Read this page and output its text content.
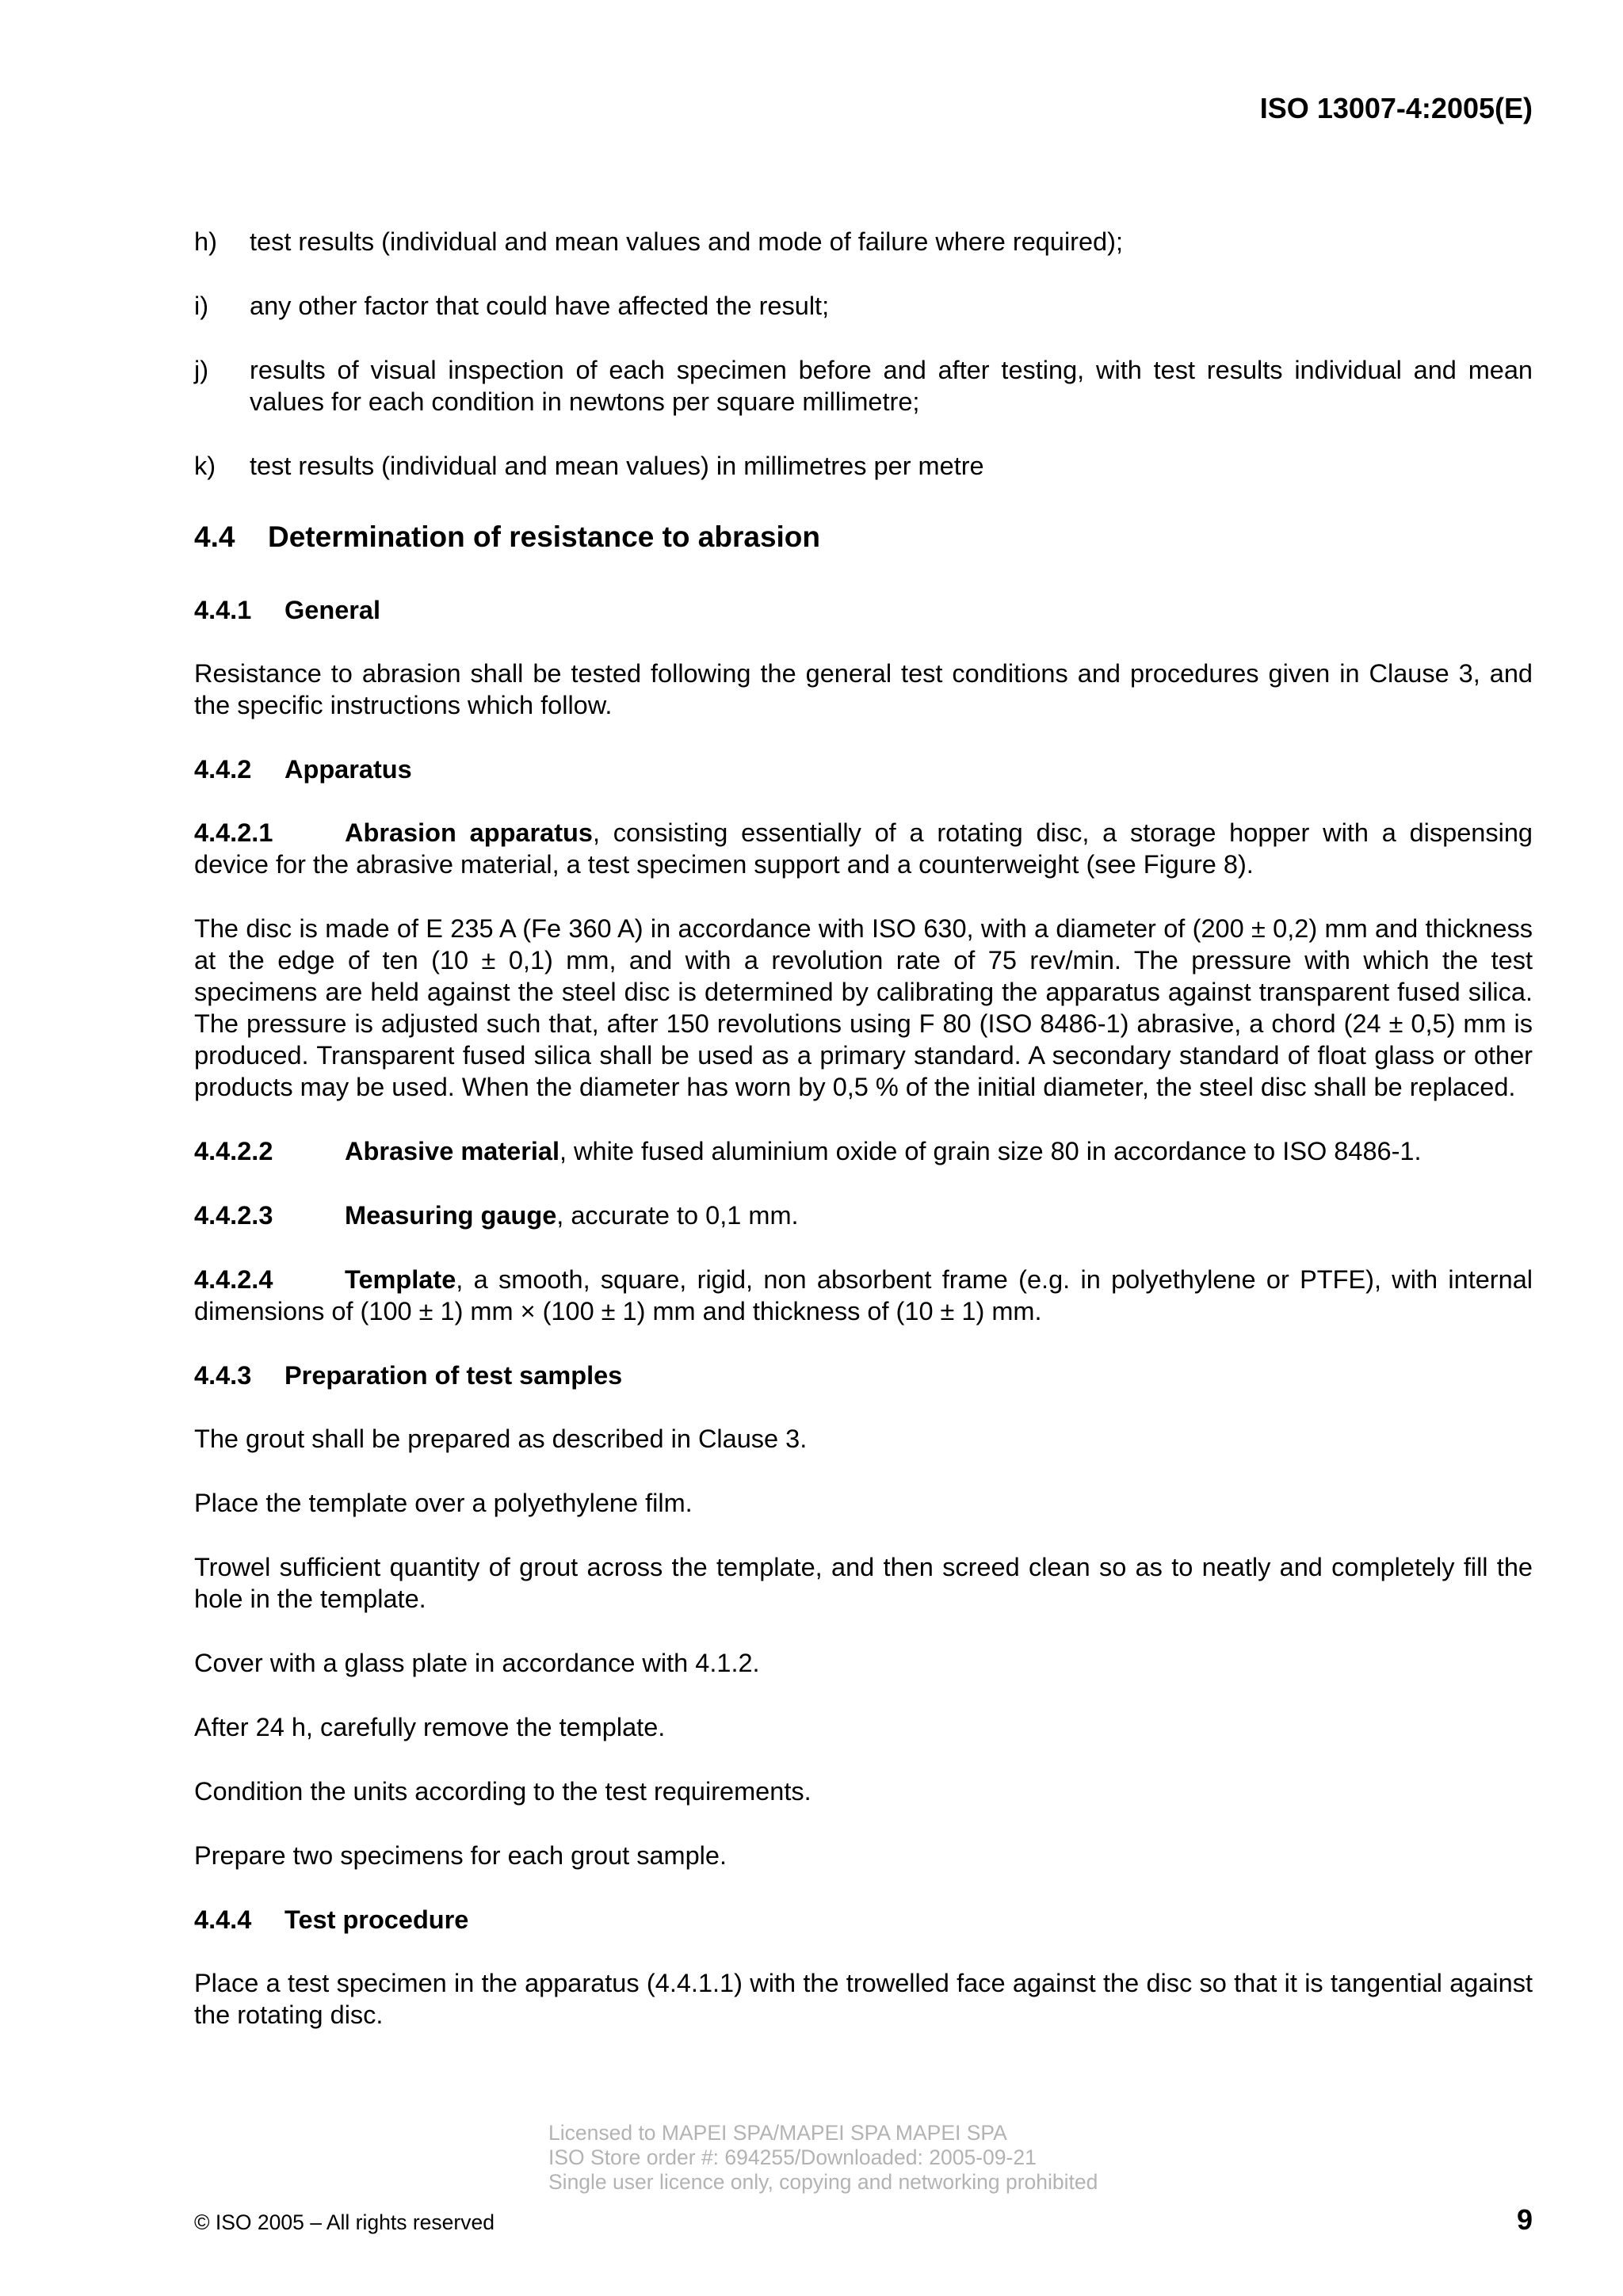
ISO 13007-4:2005(E)
h) test results (individual and mean values and mode of failure where required);
i) any other factor that could have affected the result;
j) results of visual inspection of each specimen before and after testing, with test results individual and mean values for each condition in newtons per square millimetre;
k) test results (individual and mean values) in millimetres per metre
4.4 Determination of resistance to abrasion
4.4.1 General

Resistance to abrasion shall be tested following the general test conditions and procedures given in Clause 3, and the specific instructions which follow.

4.4.2 Apparatus

4.4.2.1	Abrasion apparatus, consisting essentially of a rotating disc, a storage hopper with a dispensing device for the abrasive material, a test specimen support and a counterweight (see Figure 8).

The disc is made of E 235 A (Fe 360 A) in accordance with ISO 630, with a diameter of (200 ± 0,2) mm and thickness at the edge of ten (10 ± 0,1) mm, and with a revolution rate of 75 rev/min. The pressure with which the test specimens are held against the steel disc is determined by calibrating the apparatus against transparent fused silica. The pressure is adjusted such that, after 150 revolutions using F 80 (ISO 8486-1) abrasive, a chord (24 ± 0,5) mm is produced. Transparent fused silica shall be used as a primary standard. A secondary standard of float glass or other products may be used. When the diameter has worn by 0,5 % of the initial diameter, the steel disc shall be replaced.

4.4.2.2	Abrasive material, white fused aluminium oxide of grain size 80 in accordance to ISO 8486-1.

4.4.2.3	Measuring gauge, accurate to 0,1 mm.

4.4.2.4	Template, a smooth, square, rigid, non absorbent frame (e.g. in polyethylene or PTFE), with internal dimensions of (100 ± 1) mm × (100 ± 1) mm and thickness of (10 ± 1) mm.

4.4.3 Preparation of test samples

The grout shall be prepared as described in Clause 3.

Place the template over a polyethylene film.

Trowel sufficient quantity of grout across the template, and then screed clean so as to neatly and completely fill the hole in the template.

Cover with a glass plate in accordance with 4.1.2.

After 24 h, carefully remove the template.

Condition the units according to the test requirements.

Prepare two specimens for each grout sample.

4.4.4 Test procedure

Place a test specimen in the apparatus (4.4.1.1) with the trowelled face against the disc so that it is tangential against the rotating disc.

Licensed to MAPEI SPA/MAPEI SPA MAPEI SPA
ISO Store order #: 694255/Downloaded: 2005-09-21
Single user licence only, copying and networking prohibited
© ISO 2005 – All rights reserved	9
